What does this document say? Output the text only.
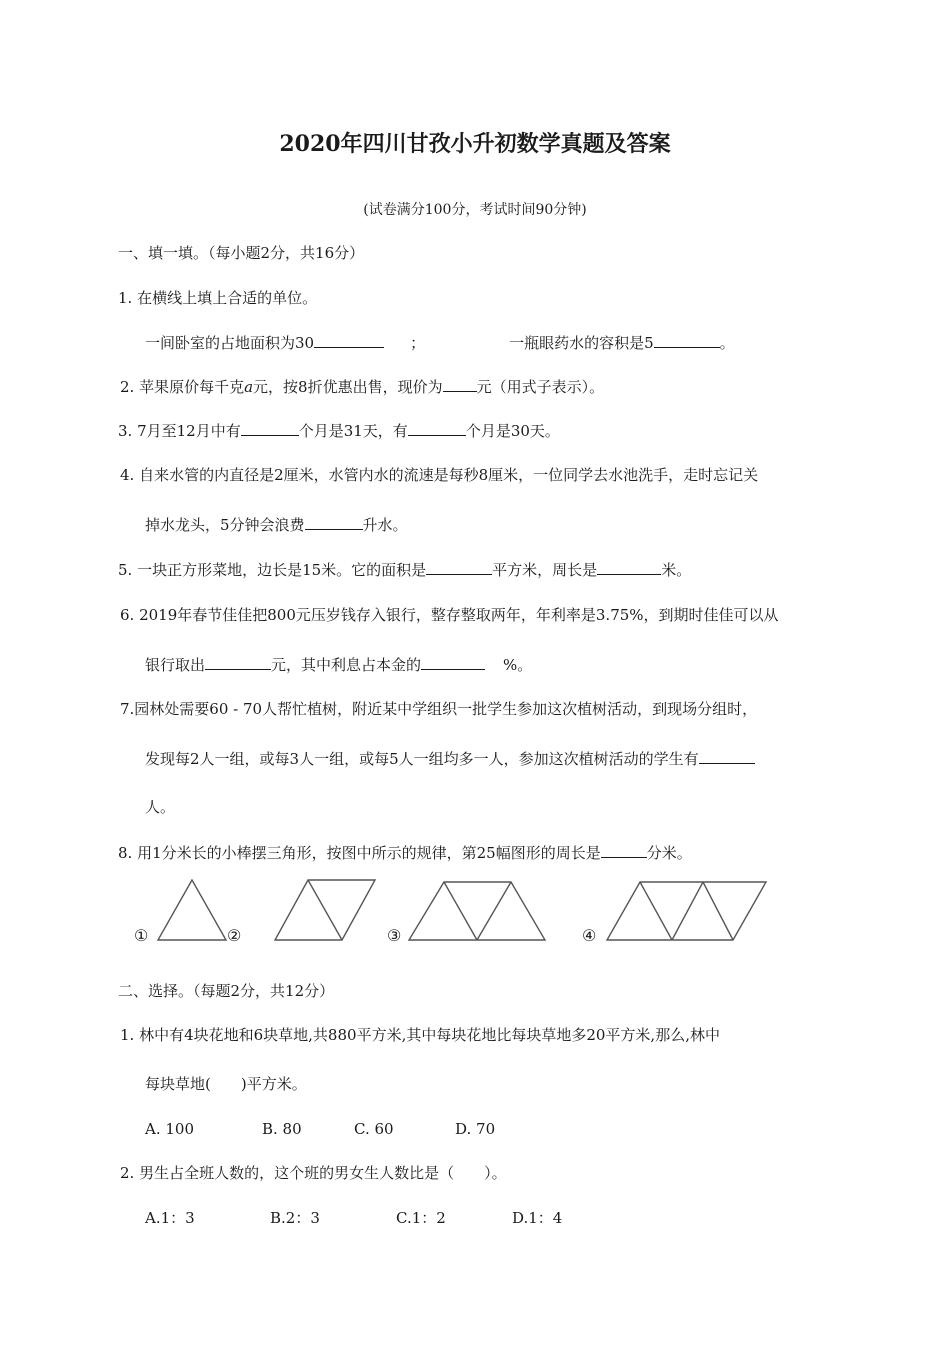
2020年四川甘孜小升初数学真题及答案
(试卷满分100分，考试时间90分钟)
一、填一填。（每小题2分，共16分）
1. 在横线上填上合适的单位。
一间卧室的占地面积为30	；	一瓶眼药水的容积是5	。
2. 苹果原价每千克a元，按8折优惠出售，现价为 元（用式子表示）。
3. 7月至12月中有	个月是31天，有	个月是30天。
4. 自来水管的内直径是2厘米，水管内水的流速是每秒8厘米，一位同学去水池洗手，走时忘记关
掉水龙头，5分钟会浪费	升水。
5. 一块正方形菜地，边长是15米。它的面积是	平方米，周长是	米。
6. 2019年春节佳佳把800元压岁钱存入银行，整存整取两年，年利率是3.75%，到期时佳佳可以从
银行取出	元，其中利息占本金的	%。
7.园林处需要60 - 70人帮忙植树，附近某中学组织一批学生参加这次植树活动，到现场分组时，
发现每2人一组，或每3人一组，或每5人一组均多一人，参加这次植树活动的学生有
人。
8. 用1分米长的小棒摆三角形，按图中所示的规律，第25幅图形的周长是	分米。
①	②	③	④
二、选择。（每题2分，共12分）
1. 林中有4块花地和6块草地,共880平方米,其中每块花地比每块草地多20平方米,那么,林中
每块草地(　　)平方米。
A. 100	B. 80	C. 60	D. 70
2. 男生占全班人数的，这个班的男女生人数比是（　　）。
A.1：3	B.2：3	C.1：2	D.1：4
